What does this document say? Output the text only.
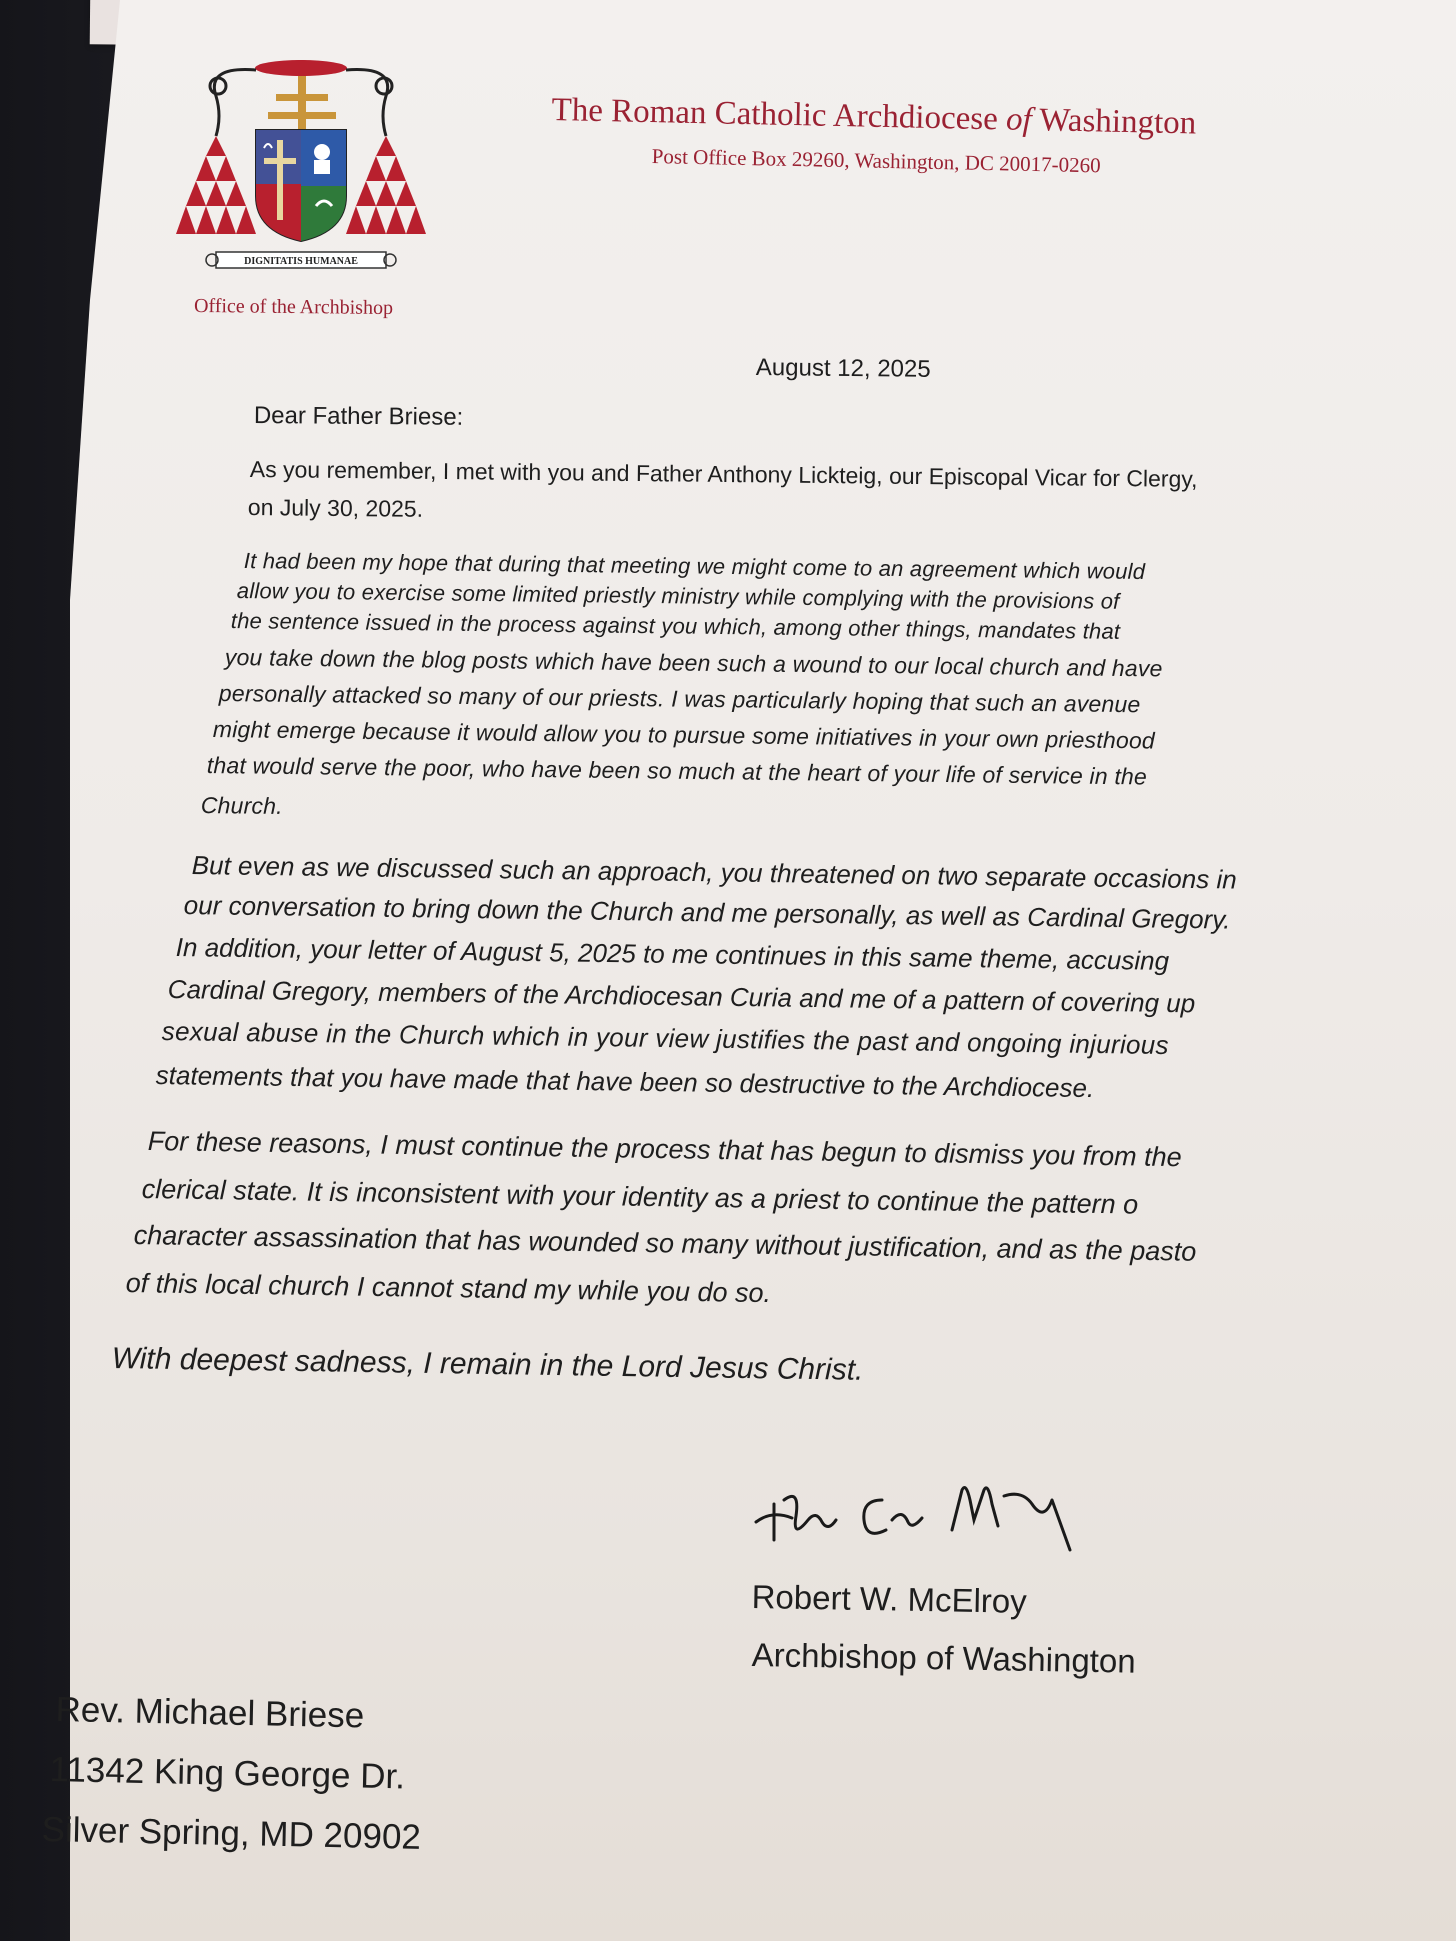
DIGNITATIS HUMANAE
Office of the Archbishop
The Roman Catholic Archdiocese of Washington
Post Office Box 29260, Washington, DC 20017-0260
August 12, 2025
Dear Father Briese:
As you remember, I met with you and Father Anthony Lickteig, our Episcopal Vicar for Clergy,
on July 30, 2025.
It had been my hope that during that meeting we might come to an agreement which would
allow you to exercise some limited priestly ministry while complying with the provisions of
the sentence issued in the process against you which, among other things, mandates that
you take down the blog posts which have been such a wound to our local church and have
personally attacked so many of our priests. I was particularly hoping that such an avenue
might emerge because it would allow you to pursue some initiatives in your own priesthood
that would serve the poor, who have been so much at the heart of your life of service in the
Church.
But even as we discussed such an approach, you threatened on two separate occasions in
our conversation to bring down the Church and me personally, as well as Cardinal Gregory.
In addition, your letter of August 5, 2025 to me continues in this same theme, accusing
Cardinal Gregory, members of the Archdiocesan Curia and me of a pattern of covering up
sexual abuse in the Church which in your view justifies the past and ongoing injurious
statements that you have made that have been so destructive to the Archdiocese.
For these reasons, I must continue the process that has begun to dismiss you from the
clerical state. It is inconsistent with your identity as a priest to continue the pattern o
character assassination that has wounded so many without justification, and as the pasto
of this local church I cannot stand my while you do so.
With deepest sadness, I remain in the Lord Jesus Christ.
Robert W. McElroy
Archbishop of Washington
Rev. Michael Briese
11342 King George Dr.
Silver Spring, MD 20902
